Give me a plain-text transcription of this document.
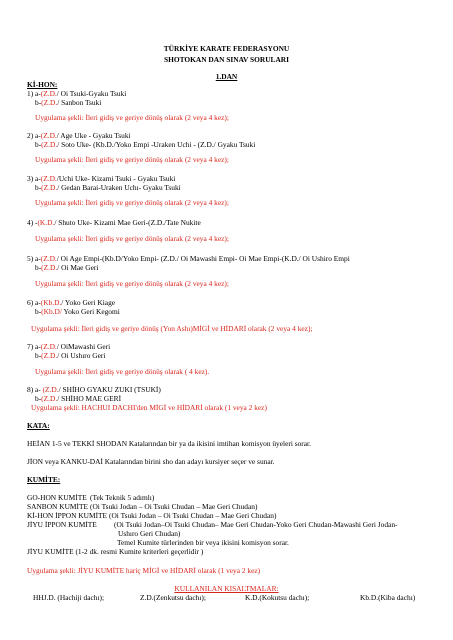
TÜRKİYE KARATE FEDERASYONU
SHOTOKAN DAN SINAV SORULARI
1.DAN
Kİ-HON:
1) a-(Z.D./ Oi Tsuki-Gyaku Tsuki
b-(Z.D./ Sanbon Tsuki
Uygulama şekli: İleri gidiş ve geriye dönüş olarak (2 veya 4 kez);
2) a-(Z.D./ Age Uke - Gyaku Tsuki
b-(Z.D./ Soto Uke- (Kb.D./Yoko Empi -Uraken Uchi - (Z.D./ Gyaku Tsuki
Uygulama şekli: İleri gidiş ve geriye dönüş olarak (2 veya 4 kez);
3) a-(Z.D./Uchi Uke- Kizami Tsuki - Gyaku Tsuki
b-(Z.D./ Gedan Barai-Uraken Uchı- Gyaku Tsuki
Uygulama şekli: İleri gidiş ve geriye dönüş olarak (2 veya 4 kez);
4) -(K.D./ Shuto Uke- Kizami Mae Geri-(Z.D./Tate Nukite
Uygulama şekli: İleri gidiş ve geriye dönüş olarak (2 veya 4 kez);
5) a-(Z.D./ Oi Age Empi-(Kb.D/Yoko Empi- (Z.D./ Oi Mawashi Empi- Oi Mae Empi-(K.D./ Oi Ushiro Empi
b-(Z.D./ Oi Mae Geri
Uygulama şekli: İleri gidiş ve geriye dönüş olarak (2 veya 4 kez);
6) a-(Kb.D./ Yoko Geri Kiage
b-(Kb.D/ Yoko Geri Kegomi
Uygulama şekli: İleri gidiş ve geriye dönüş (Yon Ashı)MİGİ ve HİDARİ olarak (2 veya 4 kez);
7) a-(Z.D./ OiMawashi Geri
b-(Z.D./ Oi Ushıro Geri
Uygulama şekli: İleri gidiş ve geriye dönüş olarak ( 4 kez).
8) a- (Z.D./ SHİHO GYAKU ZUKI (TSUKİ)
b-(Z.D./ SHİHO MAE GERİ
Uygulama şekli: HACHUI DACHI'den MİGİ ve HİDARİ olarak (1 veya 2 kez)
KATA:
HEİAN 1-5 ve TEKKİ SHODAN Katalarından bir ya da ikisini imtihan komisyon üyeleri sorar.
JİON veya KANKU-DAİ Katalarından birini sho dan adayı kursiyer seçer ve sunar.
KUMİTE:
GO-HON KUMİTE (Tek Teknik 5 adımlı)
SANBON KUMİTE (Oi Tsuki Jodan – Oi Tsuki Chudan – Mae Geri Chudan)
Kİ-HON İPPON KUMİTE (Oi Tsuki Jodan – Oi Tsuki Chudan – Mae Geri Chudan)
JİYU İPPON KUMİTE (Oi Tsuki Jodan–Oi Tsuki Chudan– Mae Geri Chudan-Yoko Geri Chudan-Mawashi Geri Jodan-
Ushıro Geri Chudan)
Temel Kumite türlerinden bir veya ikisini komisyon sorar.
JİYU KUMİTE (1-2 dk. resmi Kumite kriterleri geçerlidir )
Uygulama şekli: JİYU KUMİTE hariç MİGİ ve HİDARİ olarak (1 veya 2 kez)
KULLANILAN KISALTMALAR:
HHJ.D. (Hachiji dachı);	Z.D.(Zenkutsu dachı);	K.D.(Kokutsu dachı);	Kb.D.(Kiba dachı)
